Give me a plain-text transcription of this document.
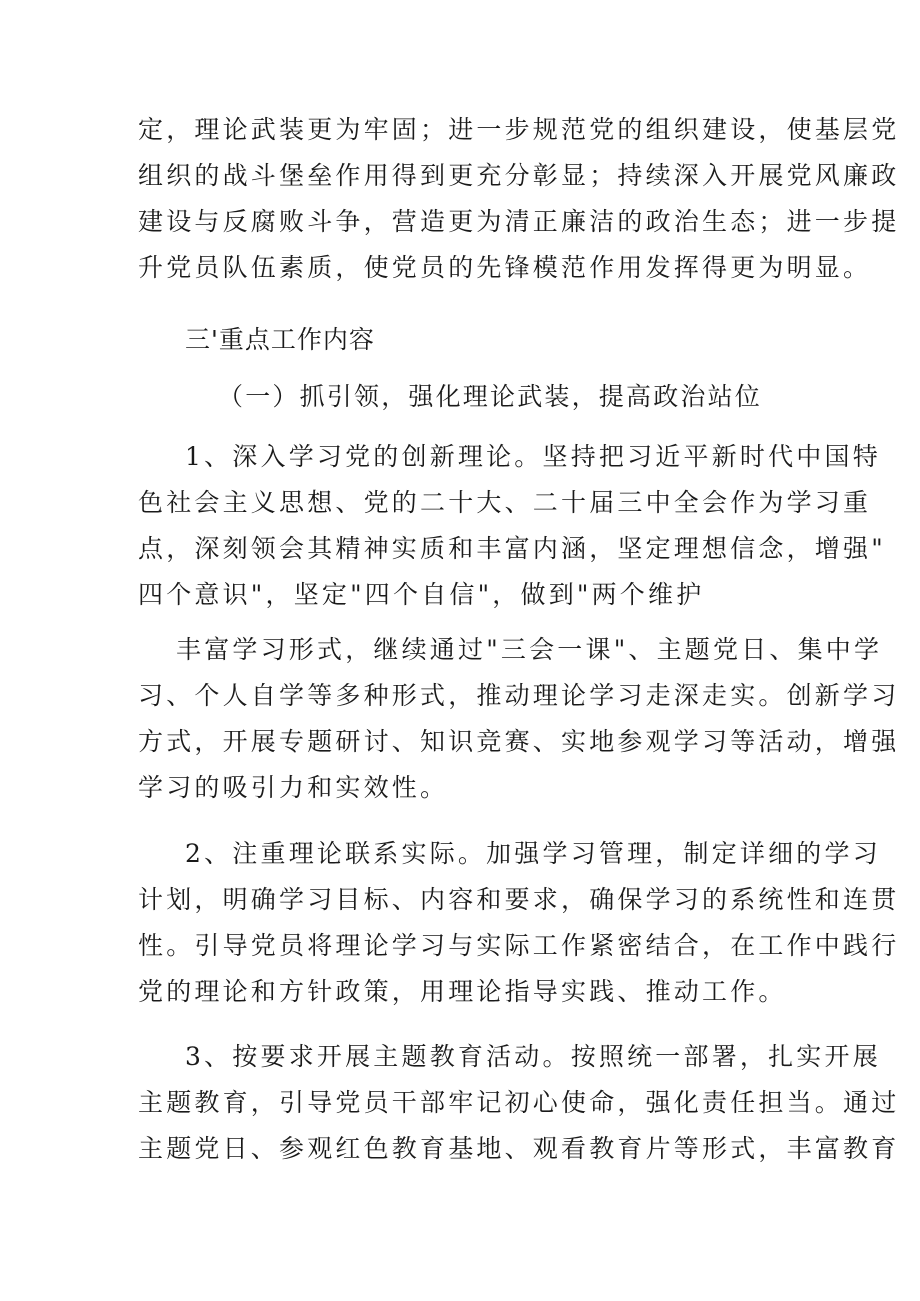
定，理论武装更为牢固；进一步规范党的组织建设，使基层党
组织的战斗堡垒作用得到更充分彰显；持续深入开展党风廉政
建设与反腐败斗争，营造更为清正廉洁的政治生态；进一步提
升党员队伍素质，使党员的先锋模范作用发挥得更为明显。
三'重点工作内容
（一）抓引领，强化理论武装，提高政治站位
1、深入学习党的创新理论。坚持把习近平新时代中国特
色社会主义思想、党的二十大、二十届三中全会作为学习重
点，深刻领会其精神实质和丰富内涵，坚定理想信念，增强"
四个意识"，坚定"四个自信"，做到"两个维护
丰富学习形式，继续通过"三会一课"、主题党日、集中学
习、个人自学等多种形式，推动理论学习走深走实。创新学习
方式，开展专题研讨、知识竞赛、实地参观学习等活动，增强
学习的吸引力和实效性。
2、注重理论联系实际。加强学习管理，制定详细的学习
计划，明确学习目标、内容和要求，确保学习的系统性和连贯
性。引导党员将理论学习与实际工作紧密结合，在工作中践行
党的理论和方针政策，用理论指导实践、推动工作。
3、按要求开展主题教育活动。按照统一部署，扎实开展
主题教育，引导党员干部牢记初心使命，强化责任担当。通过
主题党日、参观红色教育基地、观看教育片等形式，丰富教育
